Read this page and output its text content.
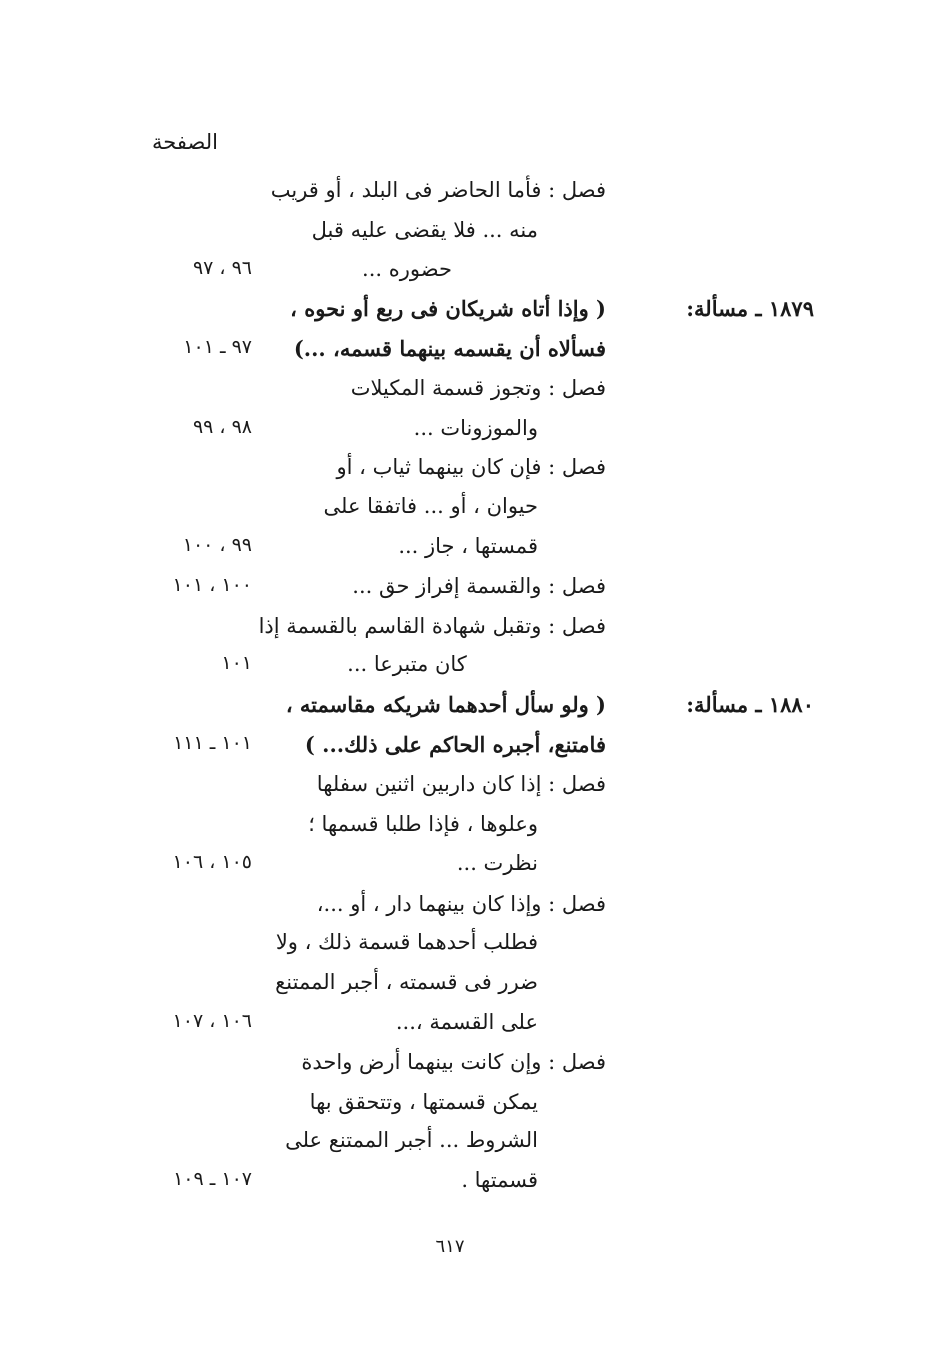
الصفحة
فصل : فأما الحاضر فى البلد ، أو قريب
منه ... فلا يقضى عليه قبل
حضوره ...
٩٦ ، ٩٧
١٨٧٩ ـ مسألة:
( وإذا أتاه شريكان فى ربع أو نحوه ،
فسألاه أن يقسمه بينهما قسمه، ...)
٩٧ ـ ١٠١
فصل : وتجوز قسمة المكيلات
والموزونات ...
٩٨ ، ٩٩
فصل : فإن كان بينهما ثياب ، أو
حيوان ، أو ... فاتفقا على
قمستها ، جاز ...
٩٩ ، ١٠٠
فصل : والقسمة إفراز حق ...
١٠٠ ، ١٠١
فصل : وتقبل شهادة القاسم بالقسمة إذا
كان متبرعا ...
١٠١
١٨٨٠ ـ مسألة:
( ولو سأل أحدهما شريكه مقاسمته ،
فامتنع، أجبره الحاكم على ذلك... )
١٠١ ـ ١١١
فصل : إذا كان داربين اثنين سفلها
وعلوها ، فإذا طلبا قسمها ؛
نظرت ...
١٠٥ ، ١٠٦
فصل : وإذا كان بينهما دار ، أو ...،
فطلب أحدهما قسمة ذلك ، ولا
ضرر فى قسمته ، أجبر الممتنع
على القسمة ،...
١٠٦ ، ١٠٧
فصل : وإن كانت بينهما أرض واحدة
يمكن قسمتها ، وتتحقق بها
الشروط ... أجبر الممتنع على
قسمتها .
١٠٧ ـ ١٠٩
٦١٧
